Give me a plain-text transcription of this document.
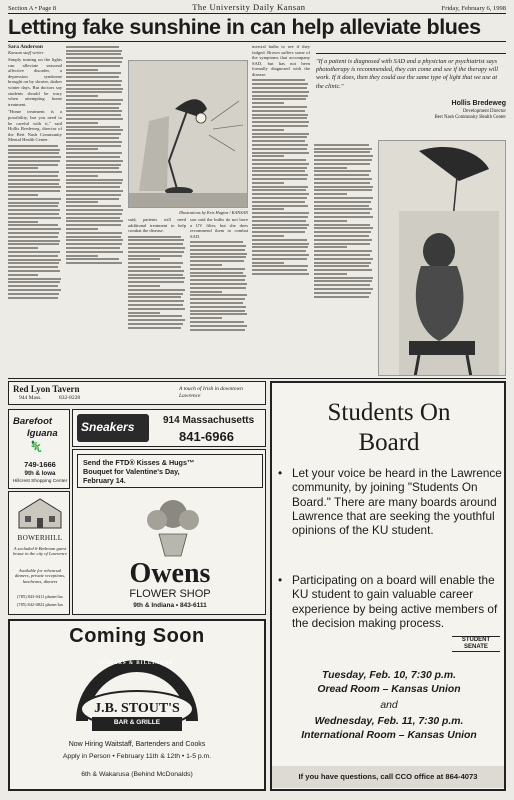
Section A • Page 8	The University Daily Kansan	Friday, February 6, 1998
Letting fake sunshine in can help alleviate blues
Sara Anderson
Kansan staff writer

Simply turning on the lights can alleviate seasonal affective disorder, a depression syndrome brought on by shorter, darker winter days. But doctors say students should be wary when attempting home treatment.

"Home treatment is a possibility, but you need to be careful with it," said Hollis Bredeweg, director of the Bert Nash Community Mental Health Center.

Illustrations by Kris Hugins / KANSAN

said, patients will need additional treatment to help combat the disease.

son said the bulbs do not have a UV filter, but she does recommend them to combat SAD.

mercial bulbs to see if they fadged. Brown suffers some of the symptoms that accompany SAD, but has not been formally diagnosed with the disease.

"If a patient is diagnosed with SAD and a physician or psychiatrist says phototherapy is recommended, they can come and see if the therapy will work. If it does, then they could use the same type of light that we use at the clinic."
Hollis Bredeweg
Development Director
Bert Nash Community Health Center
Red Lyon Tavern
944 Mass.	832-8228
A touch of Irish in downtown Lawrence
Barefoot
Iguana
🦎
749-1666
9th & Iowa
Hillcrest Shopping Center
Sneakers	914 Massachusetts
841-6966
Send the FTD® Kisses & Hugs™
Bouquet for Valentine's Day,
February 14.
Owens
FLOWER SHOP
9th & Indiana • 843-6111
BOWERHILL
A secluded 6-Bedroom guest house in the city of Lawrence
Available for rehearsal dinners, private receptions, luncheons, dinners
(785) 843-0411 phone/fax
(785) 842-0822 phone/fax
Coming Soon
CIGARS & BILLIARDS
J.B. STOUT'S
BAR & GRILLE
Now Hiring Waitstaff, Bartenders and Cooks
Apply in Person • February 11th & 12th • 1-5 p.m.
6th & Wakarusa (Behind McDonalds)
Students On
Board
• Let your voice be heard in the Lawrence community, by joining "Students On Board." There are many boards around Lawrence that are seeking the youthful opinions of the KU student.
• Participating on a board will enable the KU student to gain valuable career experience by being active members of the decision making process.
STUDENT
SENATE
Tuesday, Feb. 10, 7:30 p.m.
Oread Room – Kansas Union
and
Wednesday, Feb. 11, 7:30 p.m.
International Room – Kansas Union
If you have questions, call CCO office at 864-4073
